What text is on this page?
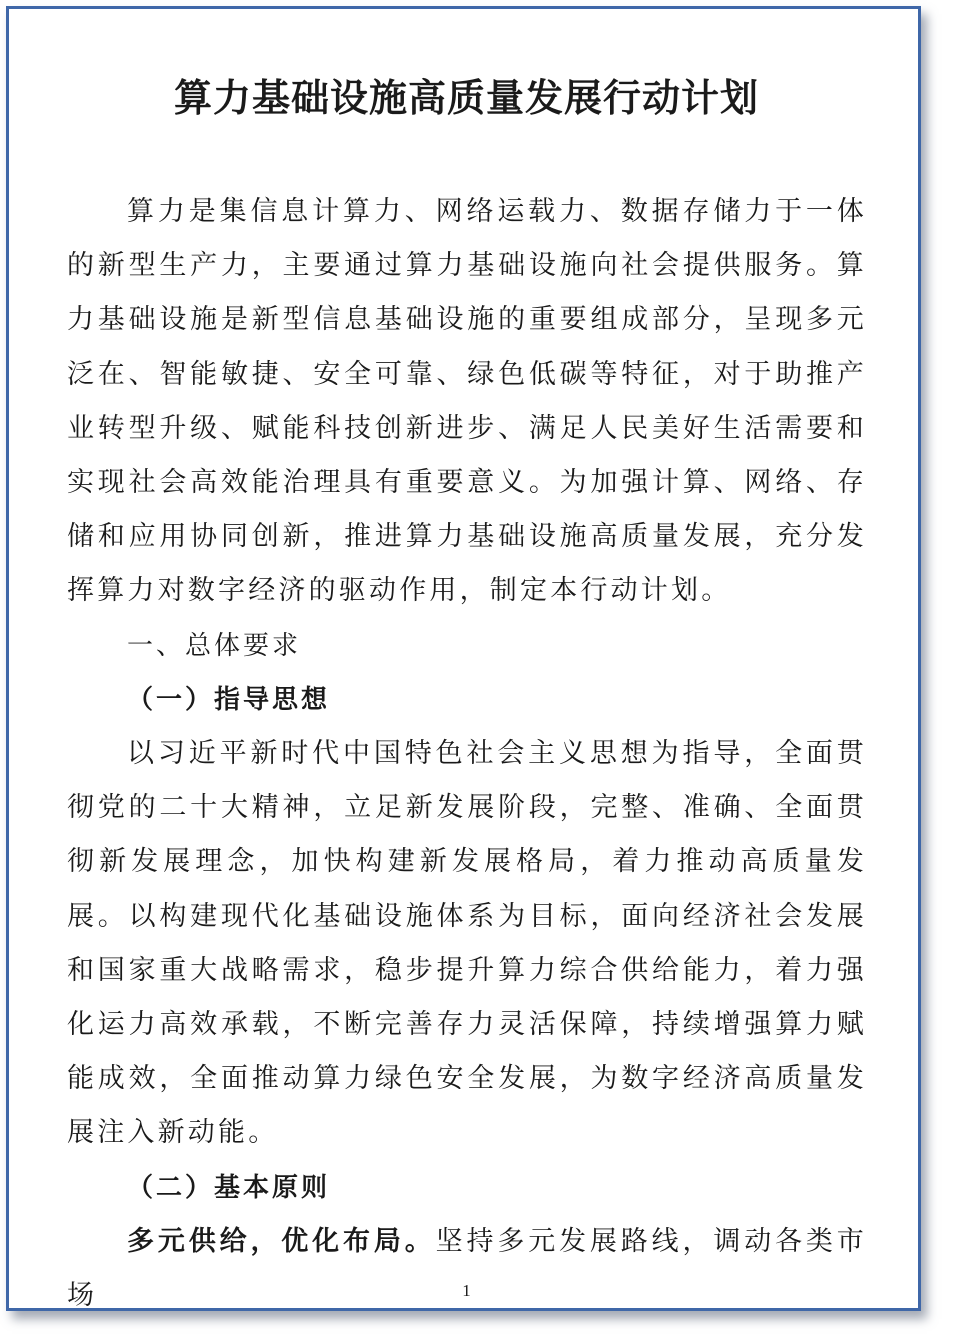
算力基础设施高质量发展行动计划

算力是集信息计算力、网络运载力、数据存储力于一体的新型生产力，主要通过算力基础设施向社会提供服务。算力基础设施是新型信息基础设施的重要组成部分，呈现多元泛在、智能敏捷、安全可靠、绿色低碳等特征，对于助推产业转型升级、赋能科技创新进步、满足人民美好生活需要和实现社会高效能治理具有重要意义。为加强计算、网络、存储和应用协同创新，推进算力基础设施高质量发展，充分发挥算力对数字经济的驱动作用，制定本行动计划。

一、总体要求

（一）指导思想

以习近平新时代中国特色社会主义思想为指导，全面贯彻党的二十大精神，立足新发展阶段，完整、准确、全面贯彻新发展理念，加快构建新发展格局，着力推动高质量发展。以构建现代化基础设施体系为目标，面向经济社会发展和国家重大战略需求，稳步提升算力综合供给能力，着力强化运力高效承载，不断完善存力灵活保障，持续增强算力赋能成效，全面推动算力绿色安全发展，为数字经济高质量发展注入新动能。

（二）基本原则

多元供给，优化布局。坚持多元发展路线，调动各类市场	1
